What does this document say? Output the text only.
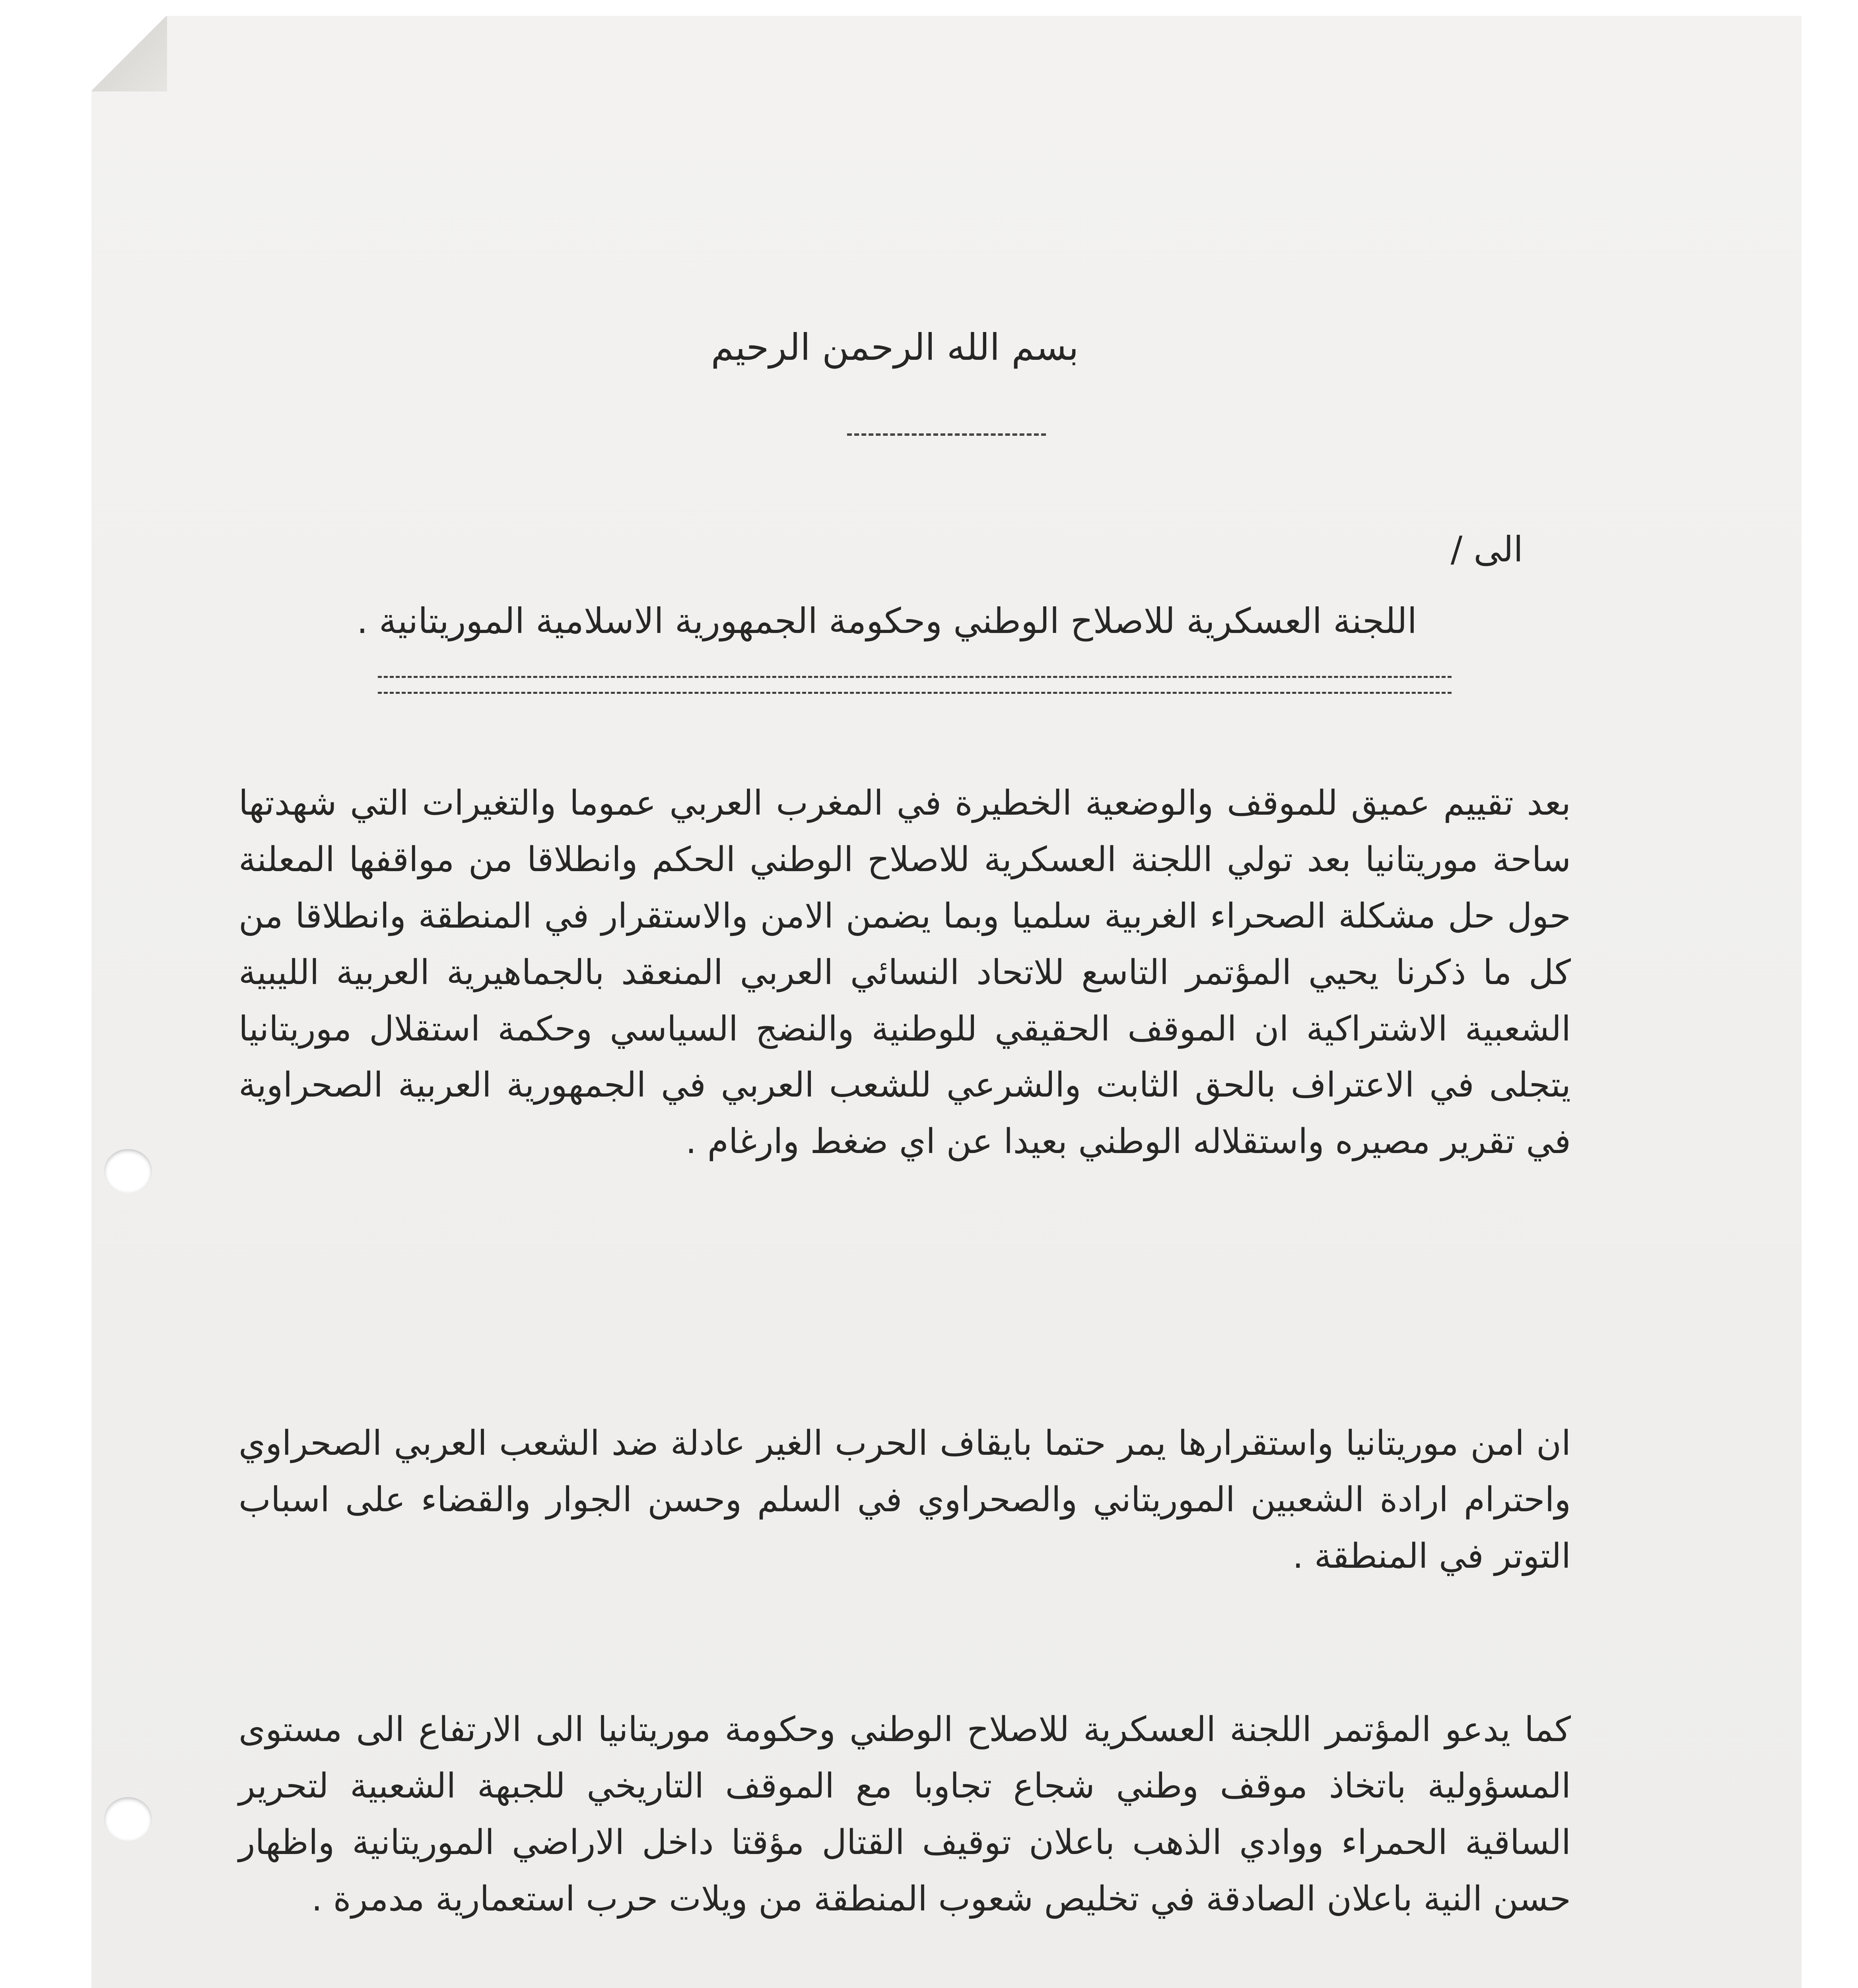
بسم الله الرحمن الرحيم
الى /
اللجنة العسكرية للاصلاح الوطني وحكومة الجمهورية الاسلامية الموريتانية .
بعد تقييم عميق للموقف والوضعية الخطيرة في المغرب العربي عموما والتغيرات التي شهدتها ساحة موريتانيا بعد تولي اللجنة العسكرية للاصلاح الوطني الحكم وانطلاقا من مواقفها المعلنة حول حل مشكلة الصحراء الغربية سلميا وبما يضمن الامن والاستقرار في المنطقة وانطلاقا من كل ما ذكرنا يحيي المؤتمر التاسع للاتحاد النسائي العربي المنعقد بالجماهيرية العربية الليبية الشعبية الاشتراكية ان الموقف الحقيقي للوطنية والنضج السياسي وحكمة استقلال موريتانيا يتجلى في الاعتراف بالحق الثابت والشرعي للشعب العربي في الجمهورية العربية الصحراوية في تقرير مصيره واستقلاله الوطني بعيدا عن اي ضغط وارغام .
ان امن موريتانيا واستقرارها يمر حتما بايقاف الحرب الغير عادلة ضد الشعب العربي الصحراوي واحترام ارادة الشعبين الموريتاني والصحراوي في السلم وحسن الجوار والقضاء على اسباب التوتر في المنطقة .
كما يدعو المؤتمر اللجنة العسكرية للاصلاح الوطني وحكومة موريتانيا الى الارتفاع الى مستوى المسؤولية باتخاذ موقف وطني شجاع تجاوبا مع الموقف التاريخي للجبهة الشعبية لتحرير الساقية الحمراء ووادي الذهب باعلان توقيف القتال مؤقتا داخل الاراضي الموريتانية واظهار حسن النية باعلان الصادقة في تخليص شعوب المنطقة من ويلات حرب استعمارية مدمرة .
